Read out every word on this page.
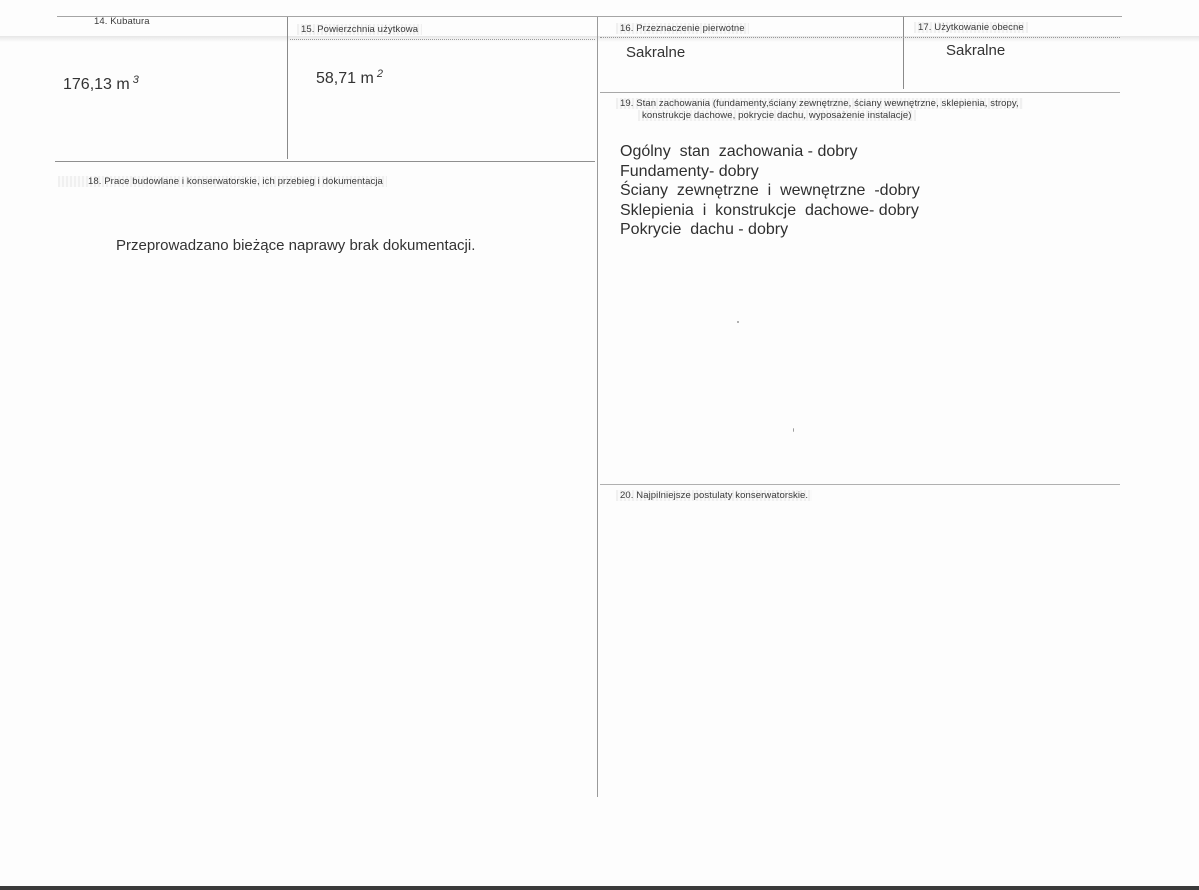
14. Kubatura
176,13 m $^3$
15. Powierzchnia użytkowa
58,71 m $^2$
16. Przeznaczenie pierwotne
Sakralne
17. Użytkowanie obecne
Sakralne
18. Prace budowlane i konserwatorskie, ich przebieg i dokumentacja
Przeprowadzano bieżące naprawy brak dokumentacji.
19. Stan zachowania (fundamenty,ściany zewnętrzne, ściany wewnętrzne, sklepienia, stropy,
konstrukcje dachowe, pokrycie dachu, wyposażenie instalacje)
Ogólny  stan  zachowania - dobry
Fundamenty- dobry
Ściany  zewnętrzne  i  wewnętrzne  -dobry
Sklepienia  i  konstrukcje  dachowe- dobry
Pokrycie  dachu - dobry
20. Najpilniejsze postulaty konserwatorskie.
